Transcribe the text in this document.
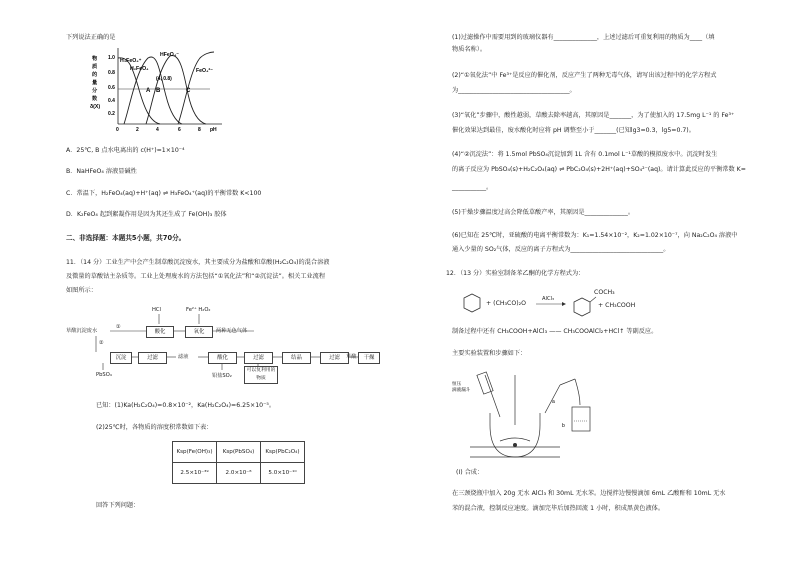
下列说法正确的是
A B	C
H₃FeO₄⁺
H₂FeO₄
HFeO₄⁻
FeO₄²⁻
(4, 0.8)
1.0
0.8
0.6
0.4
0.2
0	2	4	6	8 pH
物
质
的
量
分
数
δ(X)
A．25℃, B 点水电离出的 c(H⁺)=1×10⁻⁴
B．NaHFeO₄ 溶液显碱性
C．常温下，H₂FeO₄(aq)+H⁺(aq) ⇌ H₃FeO₄⁺(aq)的平衡常数 K<100
D．K₂FeO₄ 起到絮凝作用是因为其还生成了 Fe(OH)₃ 胶体
二、非选择题：本题共5小题，共70分。
11．（14 分）工业生产中会产生制草酸沉淀废水，其主要成分为盐酸和草酸(H₂C₂O₄)的混合溶液
及微量的草酸钴主杂质等。工业上处理废水的方法包括“①氧化法”和“②沉淀法”。相关工业流程
如图所示：
草酸沉淀废水
①
②
HCl	Fe²⁺ H₂O₂
酸化	氧化	两种无色气体
沉淀	过滤	滤液	酸化	过滤	结晶	过滤	干燥
PbSO₄	铅盐SO₂
可以复利用的物质
草酸
已知：(1)Ka(H₂C₂O₄)=0.8×10⁻²，Ka(H₂C₂O₄)=6.25×10⁻⁵。
(2)25℃时，各物质的溶度积常数如下表：
Ksp(Fe(OH)₃)	Ksp(PbSO₄)	Ksp(PbC₂O₄)
2.5×10⁻³⁹	2.0×10⁻⁸	5.0×10⁻¹⁰
回答下列问题：
(1)过滤操作中需要用到的玻璃仪器有______________，上述过滤后可重复利用的物质为____（填
物质名称）。
(2)“①氧化法”中 Fe³⁺是反应的催化剂，反应产生了两种无毒气体，请写出该过程中的化学方程式
为____________________________________。
(3)“氧化”步骤中，酸性越弱，草酸去除率越高，其原因是_______，为了使加入的 17.5mg L⁻¹ 的 Fe³⁺
催化效果达到最佳，废水酸化时应将 pH 调整至小于_______(已知lg3=0.3，lg5=0.7)。
(4)“②沉淀法”：将 1.5mol PbSO₄沉淀加到 1L 含有 0.1mol L⁻¹草酸的模拟废水中。沉淀时发生
的离子反应为 PbSO₄(s)+H₂C₂O₄(aq) ⇌ PbC₂O₄(s)+2H⁺(aq)+SO₄²⁻(aq)。请计算此反应的平衡常数 K=
___________。
(5)干燥步骤温度过高会降低草酸产率，其原因是______________。
(6)已知在 25℃时，亚硫酸的电离平衡常数为：K₁=1.54×10⁻²，K₂=1.02×10⁻⁷，向 Na₂C₂O₄ 溶液中
通入少量的 SO₂气体，反应的离子方程式为______________________________。
12．（13 分）实验室制备苯乙酮的化学方程式为：
+ (CH₃CO)₂O
AlCl₃
COCH₃
+ CH₃COOH
制备过程中还有 CH₃COOH+AlCl₃ —— CH₃COOAlCl₂+HCl↑ 等副反应。
主要实验装置和步骤如下：
恒压
滴液漏斗
a
b
(Ⅰ) 合成：
在三颈烧瓶中加入 20g 无水 AlCl₃ 和 30mL 无水苯。边搅拌边慢慢滴加 6mL 乙酸酐和 10mL 无水
苯的混合液，控制反应速度。滴加完毕后加热回流 1 小时，积成黑黄色液体。
